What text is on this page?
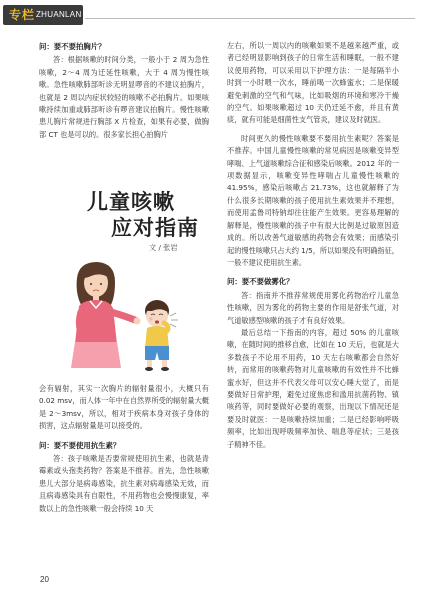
专栏 ZHUANLAN
问：要不要拍胸片？
答：根据咳嗽的时间分类，一般小于 2 周为急性咳嗽，2～4 周为迁延性咳嗽，大于 4 周为慢性咳嗽。急性咳嗽肺部听诊无明显啰音的不建议拍胸片，也就是 2 周以内症状较轻的咳嗽不必拍胸片。如果咳嗽持续加重或肺部听诊有啰音建议拍胸片。慢性咳嗽患儿胸片常规进行胸部 X 片检查，如果有必要，做胸部 CT 也是可以的。很多家长担心拍胸片
儿童咳嗽
应对指南
文 / 张岩
会有辐射，其实一次胸片的辐射量很小，大概只有 0.02 msv，而人体一年中在自然界所受的辐射量大概是 2～3msv，所以，相对于疾病本身对孩子身体的损害，这点辐射量是可以接受的。
问：要不要使用抗生素？
答：孩子咳嗽是否要常规使用抗生素，也就是青霉素或头孢类药物？答案是不推荐。首先，急性咳嗽患儿大部分是病毒感染，抗生素对病毒感染无效，而且病毒感染具有自限性，不用药物也会慢慢康复，率数以上的急性咳嗽一般会持续 10 天
左右，所以一周以内的咳嗽如果不是越来越严重，或者已经明显影响到孩子的日常生活和睡眠，一般不建议使用药物，可以采用以下护理方法：一是每隔半小时到一小时喂一次水，睡前喝一次蜂蜜水；二是保暖避免刺激的空气和气味，比如吸烟的环境和寒冷干燥的空气。如果咳嗽超过 10 天仍迁延不愈，并且有黄痰，就有可能是细菌性支气管炎，建议及时就医。
时间更久的慢性咳嗽要不要用抗生素呢？答案是不推荐。中国儿童慢性咳嗽的常见病因是咳嗽变异型哮喘、上气道咳嗽综合征和感染后咳嗽。2012 年的一项数据显示，咳嗽变异性哮喘占儿童慢性咳嗽的 41.95%，感染后咳嗽占 21.73%，这也就解释了为什么很多长期咳嗽的孩子使用抗生素效果并不理想，而使用孟鲁司特钠却往往能产生效果。更容易理解的解释是，慢性咳嗽的孩子中有很大比例是过敏原因造成的。所以改善气道敏感的药物会有效果；而感染引起的慢性咳嗽只占大约 1/5，所以如果没有明确指征，一般不建议使用抗生素。
问：要不要做雾化？
答：指南并不推荐常规使用雾化药物治疗儿童急性咳嗽，因为雾化的药物主要的作用是舒张气道，对气道敏感型咳嗽的孩子才有良好效果。
最后总结一下指南的内容，超过 50% 的儿童咳嗽，在随时间的推移自愈，比如在 10 天后，也就是大多数孩子不论用不用药，10 天左右咳嗽都会自然好转，而常用的咳嗽药物对儿童咳嗽的有效性并不比蜂蜜水好，但这并不代表父母可以安心睡大觉了，而是要做好日常护理，避免过度焦虑和滥用抗菌药物、镇咳药等，同时要做好必要的观察，出现以下情况还是要及时就医：一是咳嗽持续加重；二是已经影响呼吸频率，比如出现呼吸频率加快、喘息等症状；三是孩子精神不佳。
20
